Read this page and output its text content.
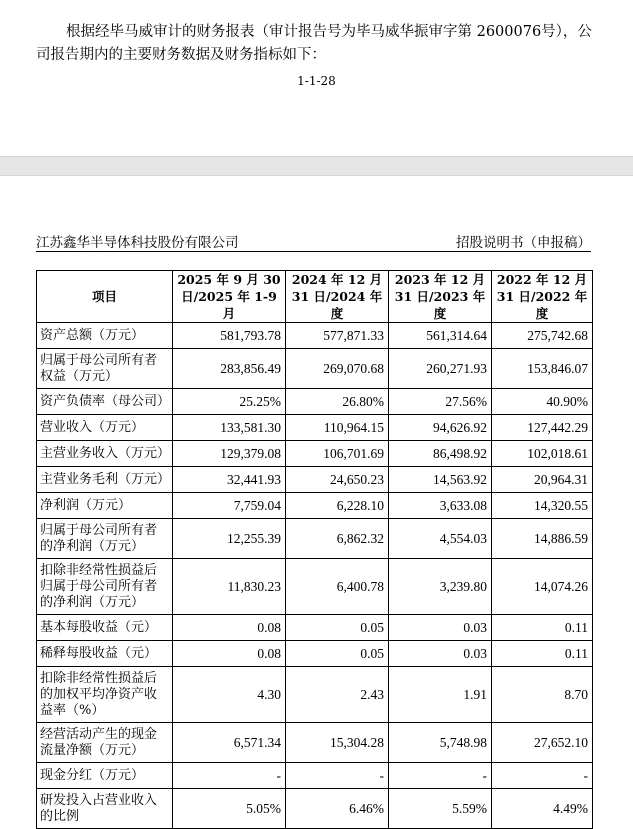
根据经毕马威审计的财务报表（审计报告号为毕马威华振审字第 2600076号），公司报告期内的主要财务数据及财务指标如下：

1-1-28
江苏鑫华半导体科技股份有限公司	招股说明书（申报稿）
项目	2025 年 9 月 30 日/2025 年 1-9 月	2024 年 12 月 31 日/2024 年度	2023 年 12 月 31 日/2023 年度	2022 年 12 月 31 日/2022 年度
资产总额（万元）	581,793.78	577,871.33	561,314.64	275,742.68
归属于母公司所有者权益（万元）	283,856.49	269,070.68	260,271.93	153,846.07
资产负债率（母公司）	25.25%	26.80%	27.56%	40.90%
营业收入（万元）	133,581.30	110,964.15	94,626.92	127,442.29
主营业务收入（万元）	129,379.08	106,701.69	86,498.92	102,018.61
主营业务毛利（万元）	32,441.93	24,650.23	14,563.92	20,964.31
净利润（万元）	7,759.04	6,228.10	3,633.08	14,320.55
归属于母公司所有者的净利润（万元）	12,255.39	6,862.32	4,554.03	14,886.59
扣除非经常性损益后归属于母公司所有者的净利润（万元）	11,830.23	6,400.78	3,239.80	14,074.26
基本每股收益（元）	0.08	0.05	0.03	0.11
稀释每股收益（元）	0.08	0.05	0.03	0.11
扣除非经常性损益后的加权平均净资产收益率（%）	4.30	2.43	1.91	8.70
经营活动产生的现金流量净额（万元）	6,571.34	15,304.28	5,748.98	27,652.10
现金分红（万元）	-	-	-	-
研发投入占营业收入的比例	5.05%	6.46%	5.59%	4.49%
